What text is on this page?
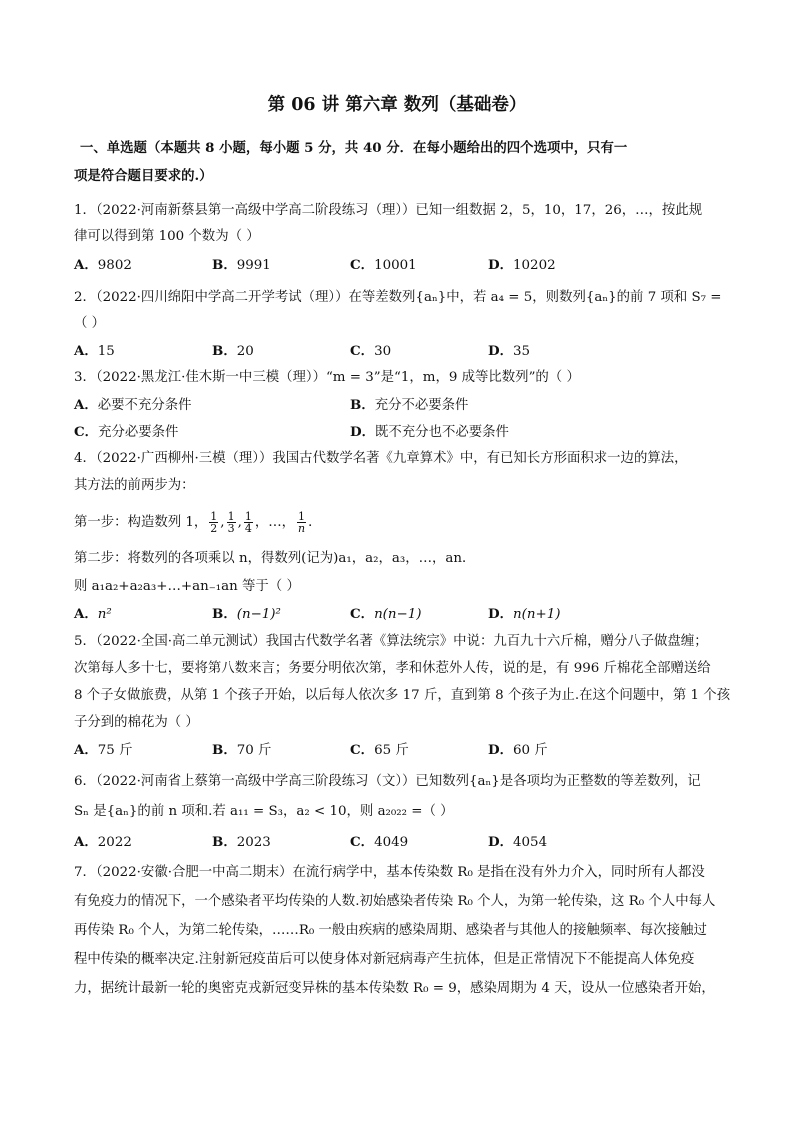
第 06 讲 第六章 数列（基础卷）
一、单选题（本题共 8 小题，每小题 5 分，共 40 分．在每小题给出的四个选项中，只有一
项是符合题目要求的.）
1．（2022·河南新蔡县第一高级中学高二阶段练习（理））已知一组数据 2，5，10，17，26，…，按此规
律可以得到第 100 个数为（ ）
A．9802	B．9991	C．10001	D．10202
2．（2022·四川绵阳中学高二开学考试（理））在等差数列{aₙ}中，若 a₄ = 5，则数列{aₙ}的前 7 项和 S₇ =
（ ）
A．15	B．20	C．30	D．35
3．（2022·黑龙江·佳木斯一中三模（理））“m = 3”是“1，m，9 成等比数列”的（ ）
A．必要不充分条件	B．充分不必要条件
C．充分必要条件	D．既不充分也不必要条件
4．（2022·广西柳州·三模（理））我国古代数学名著《九章算术》中，有已知长方形面积求一边的算法，
其方法的前两步为：
第一步：构造数列 1， $\frac{1}{2}$ , $\frac{1}{3}$ , $\frac{1}{4}$ ，…， $\frac{1}{n}$ ．
第二步：将数列的各项乘以 n，得数列(记为)a₁，a₂，a₃，…，an．
则 a₁a₂+a₂a₃+…+an₋₁an 等于（ ）
A．n²	B．(n−1)²	C．n(n−1)	D．n(n+1)
5．（2022·全国·高二单元测试）我国古代数学名著《算法统宗》中说：九百九十六斤棉，赠分八子做盘缠；
次第每人多十七，要将第八数来言；务要分明依次第，孝和休惹外人传，说的是，有 996 斤棉花全部赠送给
8 个子女做旅费，从第 1 个孩子开始，以后每人依次多 17 斤，直到第 8 个孩子为止.在这个问题中，第 1 个孩
子分到的棉花为（ ）
A．75 斤	B．70 斤	C．65 斤	D．60 斤
6．（2022·河南省上蔡第一高级中学高三阶段练习（文））已知数列{aₙ}是各项均为正整数的等差数列，记
Sₙ 是{aₙ}的前 n 项和.若 a₁₁ = S₃，a₂ < 10，则 a₂₀₂₂ =（ ）
A．2022	B．2023	C．4049	D．4054
7．（2022·安徽·合肥一中高二期末）在流行病学中，基本传染数 R₀ 是指在没有外力介入，同时所有人都没
有免疫力的情况下，一个感染者平均传染的人数.初始感染者传染 R₀ 个人，为第一轮传染，这 R₀ 个人中每人
再传染 R₀ 个人，为第二轮传染，……R₀ 一般由疾病的感染周期、感染者与其他人的接触频率、每次接触过
程中传染的概率决定.注射新冠疫苗后可以使身体对新冠病毒产生抗体，但是正常情况下不能提高人体免疫
力，据统计最新一轮的奥密克戎新冠变异株的基本传染数 R₀ = 9，感染周期为 4 天，设从一位感染者开始，
